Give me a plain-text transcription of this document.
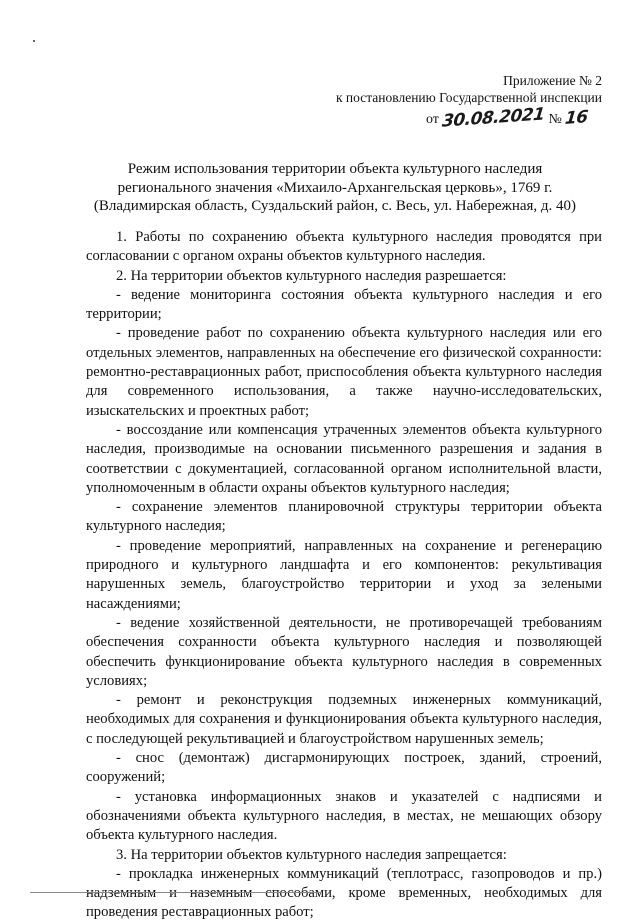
Приложение № 2
к постановлению Государственной инспекции
от 30.08.2021 № 16
Режим использования территории объекта культурного наследия
регионального значения «Михаило-Архангельская церковь», 1769 г.
(Владимирская область, Суздальский район, с. Весь, ул. Набережная, д. 40)

1. Работы по сохранению объекта культурного наследия проводятся при согласовании с органом охраны объектов культурного наследия.

2. На территории объектов культурного наследия разрешается:

- ведение мониторинга состояния объекта культурного наследия и его территории;

- проведение работ по сохранению объекта культурного наследия или его отдельных элементов, направленных на обеспечение его физической сохранности: ремонтно-реставрационных работ, приспособления объекта культурного наследия для современного использования, а также научно-исследовательских, изыскательских и проектных работ;

- воссоздание или компенсация утраченных элементов объекта культурного наследия, производимые на основании письменного разрешения и задания в соответствии с документацией, согласованной органом исполнительной власти, уполномоченным в области охраны объектов культурного наследия;

- сохранение элементов планировочной структуры территории объекта культурного наследия;

- проведение мероприятий, направленных на сохранение и регенерацию природного и культурного ландшафта и его компонентов: рекультивация нарушенных земель, благоустройство территории и уход за зелеными насаждениями;

- ведение хозяйственной деятельности, не противоречащей требованиям обеспечения сохранности объекта культурного наследия и позволяющей обеспечить функционирование объекта культурного наследия в современных условиях;

- ремонт и реконструкция подземных инженерных коммуникаций, необходимых для сохранения и функционирования объекта культурного наследия, с последующей рекультивацией и благоустройством нарушенных земель;

- снос (демонтаж) дисгармонирующих построек, зданий, строений, сооружений;

- установка информационных знаков и указателей с надписями и обозначениями объекта культурного наследия, в местах, не мешающих обзору объекта культурного наследия.

3. На территории объектов культурного наследия запрещается:

- прокладка инженерных коммуникаций (теплотрасс, газопроводов и пр.) надземным и наземным способами, кроме временных, необходимых для проведения реставрационных работ;
